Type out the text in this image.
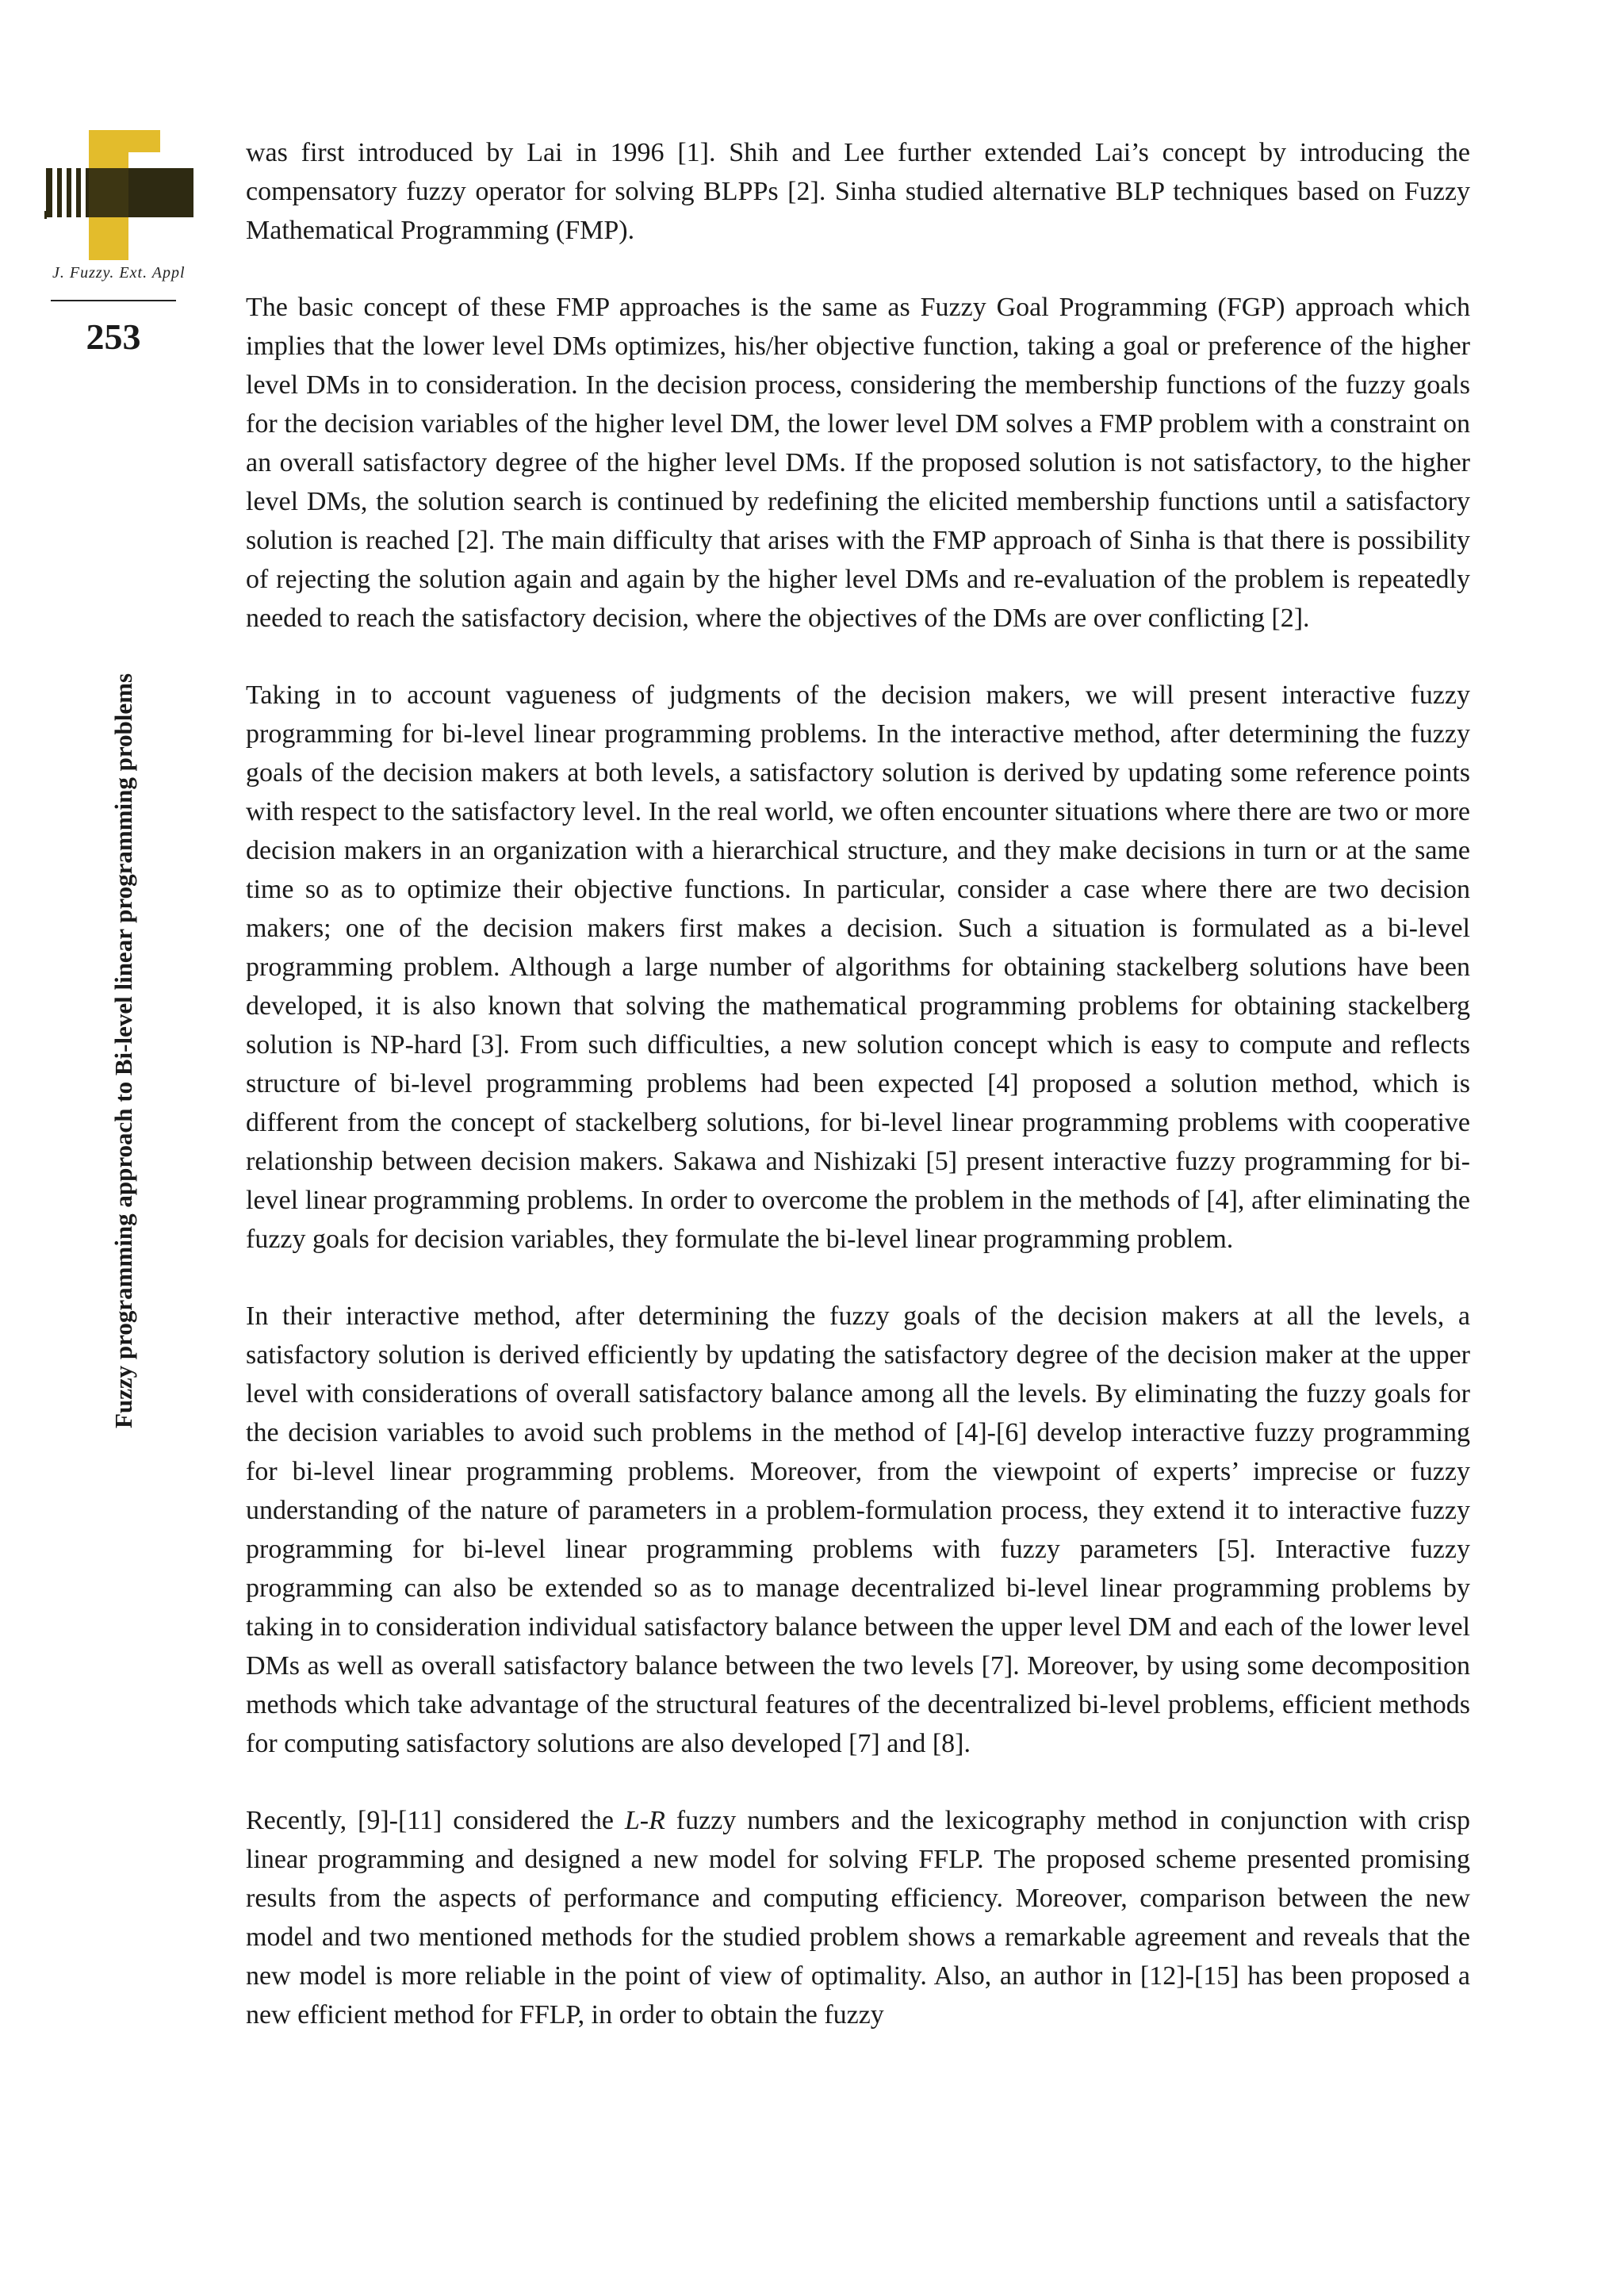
J. Fuzzy. Ext. Appl
253
Fuzzy programming approach to Bi-level linear programming problems

was first introduced by Lai in 1996 [1]. Shih and Lee further extended Lai’s concept by introducing the compensatory fuzzy operator for solving BLPPs [2]. Sinha studied alternative BLP techniques based on Fuzzy Mathematical Programming (FMP).

The basic concept of these FMP approaches is the same as Fuzzy Goal Programming (FGP) approach which implies that the lower level DMs optimizes, his/her objective function, taking a goal or preference of the higher level DMs in to consideration. In the decision process, considering the membership functions of the fuzzy goals for the decision variables of the higher level DM, the lower level DM solves a FMP problem with a constraint on an overall satisfactory degree of the higher level DMs. If the proposed solution is not satisfactory, to the higher level DMs, the solution search is continued by redefining the elicited membership functions until a satisfactory solution is reached [2]. The main difficulty that arises with the FMP approach of Sinha is that there is possibility of rejecting the solution again and again by the higher level DMs and re-evaluation of the problem is repeatedly needed to reach the satisfactory decision, where the objectives of the DMs are over conflicting [2].

Taking in to account vagueness of judgments of the decision makers, we will present interactive fuzzy programming for bi-level linear programming problems. In the interactive method, after determining the fuzzy goals of the decision makers at both levels, a satisfactory solution is derived by updating some reference points with respect to the satisfactory level. In the real world, we often encounter situations where there are two or more decision makers in an organization with a hierarchical structure, and they make decisions in turn or at the same time so as to optimize their objective functions. In particular, consider a case where there are two decision makers; one of the decision makers first makes a decision. Such a situation is formulated as a bi-level programming problem. Although a large number of algorithms for obtaining stackelberg solutions have been developed, it is also known that solving the mathematical programming problems for obtaining stackelberg solution is NP-hard [3]. From such difficulties, a new solution concept which is easy to compute and reflects structure of bi-level programming problems had been expected [4] proposed a solution method, which is different from the concept of stackelberg solutions, for bi-level linear programming problems with cooperative relationship between decision makers. Sakawa and Nishizaki [5] present interactive fuzzy programming for bi-level linear programming problems. In order to overcome the problem in the methods of [4], after eliminating the fuzzy goals for decision variables, they formulate the bi-level linear programming problem.

In their interactive method, after determining the fuzzy goals of the decision makers at all the levels, a satisfactory solution is derived efficiently by updating the satisfactory degree of the decision maker at the upper level with considerations of overall satisfactory balance among all the levels. By eliminating the fuzzy goals for the decision variables to avoid such problems in the method of [4]-[6] develop interactive fuzzy programming for bi-level linear programming problems. Moreover, from the viewpoint of experts’ imprecise or fuzzy understanding of the nature of parameters in a problem-formulation process, they extend it to interactive fuzzy programming for bi-level linear programming problems with fuzzy parameters [5]. Interactive fuzzy programming can also be extended so as to manage decentralized bi-level linear programming problems by taking in to consideration individual satisfactory balance between the upper level DM and each of the lower level DMs as well as overall satisfactory balance between the two levels [7]. Moreover, by using some decomposition methods which take advantage of the structural features of the decentralized bi-level problems, efficient methods for computing satisfactory solutions are also developed [7] and [8].

Recently, [9]-[11] considered the L-R fuzzy numbers and the lexicography method in conjunction with crisp linear programming and designed a new model for solving FFLP. The proposed scheme presented promising results from the aspects of performance and computing efficiency. Moreover, comparison between the new model and two mentioned methods for the studied problem shows a remarkable agreement and reveals that the new model is more reliable in the point of view of optimality. Also, an author in [12]-[15] has been proposed a new efficient method for FFLP, in order to obtain the fuzzy
